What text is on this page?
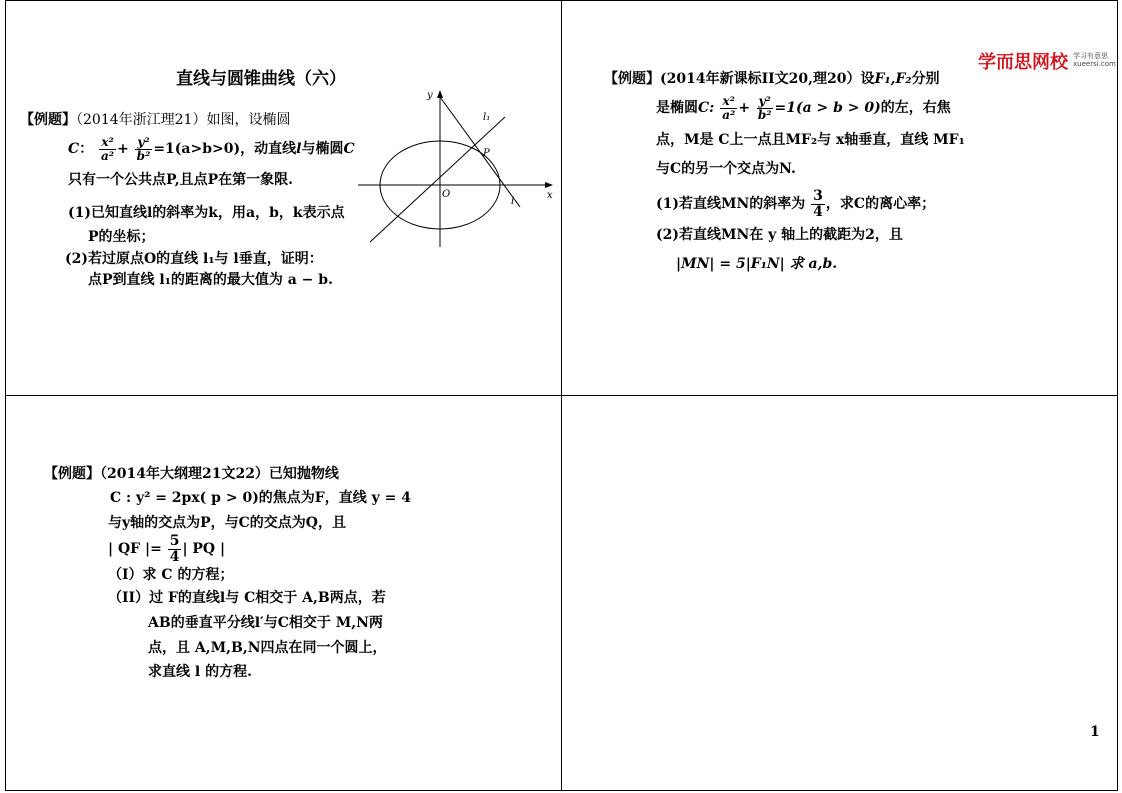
学而思网校 学习有意思
xueersi.com
直线与圆锥曲线（六）
【例题】（2014年浙江理21）如图，设椭圆
C： $\frac{\text{x²}}{\text{a²}} + \frac{\text{y²}}{\text{b²}} =1(a>b>0)$，动直线l与椭圆C
只有一个公共点P,且点P在第一象限.
(1)已知直线l的斜率为k，用a，b，k表示点
P的坐标；
(2)若过原点O的直线 l₁与 l垂直，证明：
点P到直线 l₁的距离的最大值为 a − b.
y
x
O
P
l₁
l
【例题】(2014年新课标II文20,理20）设F₁,F₂分别
是椭圆C: $\frac{\text{x²}}{\text{a²}} + \frac{\text{y²}}{\text{b²}} =1(a > b > 0)$的左，右焦
点，M是 C上一点且MF₂与 x轴垂直，直线 MF₁
与C的另一个交点为N.
(1)若直线MN的斜率为 $\frac{3}{4}$ ，求C的离心率；
(2)若直线MN在 y 轴上的截距为2，且
|MN| = 5|F₁N| 求 a,b.
【例题】（2014年大纲理21文22）已知抛物线
C : y² = 2px( p > 0)的焦点为F，直线 y = 4
与y轴的交点为P，与C的交点为Q，且
| QF |= $\frac{5}{4}$ | PQ |
（I）求 C 的方程；
（II）过 F的直线l与 C相交于 A,B两点，若
AB的垂直平分线l′与C相交于 M,N两
点，且 A,M,B,N四点在同一个圆上，
求直线 l 的方程.
1
